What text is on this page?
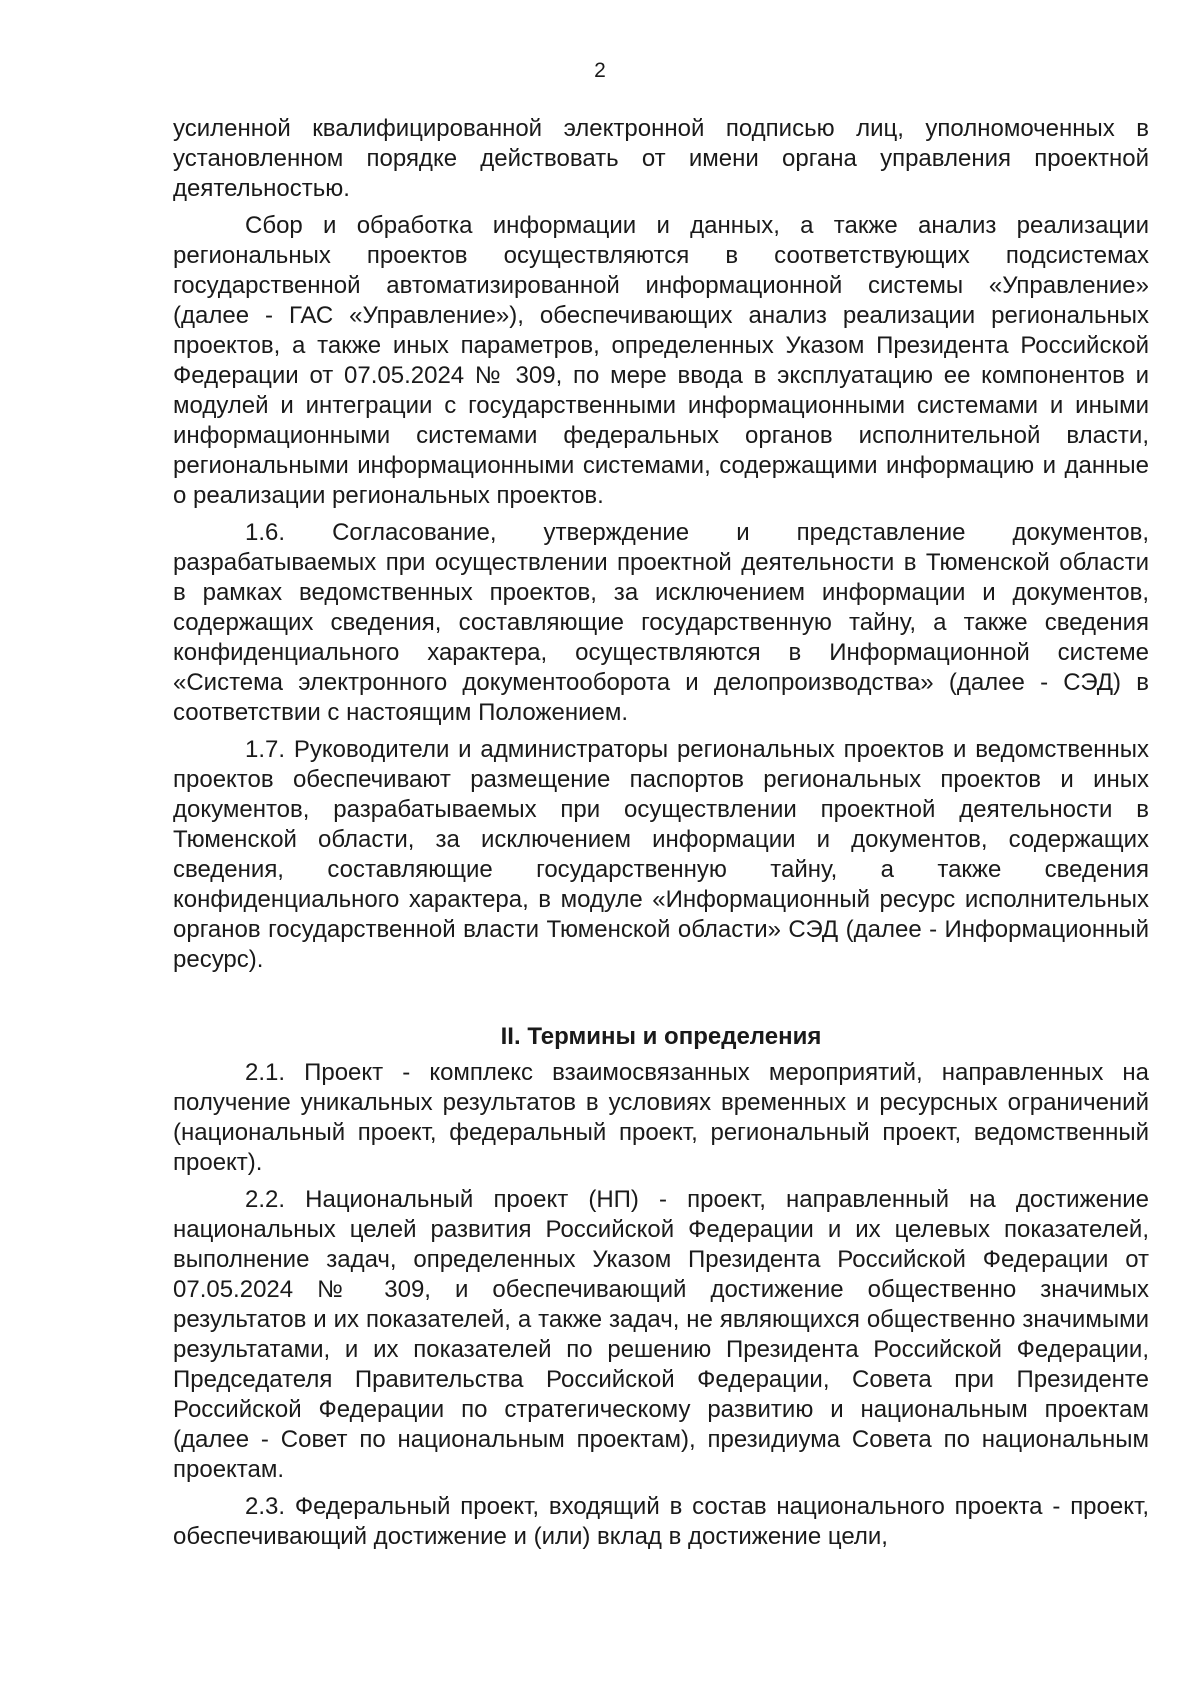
2

усиленной квалифицированной электронной подписью лиц, уполномоченных в установленном порядке действовать от имени органа управления проектной деятельностью.

Сбор и обработка информации и данных, а также анализ реализации региональных проектов осуществляются в соответствующих подсистемах государственной автоматизированной информационной системы «Управление» (далее - ГАС «Управление»), обеспечивающих анализ реализации региональных проектов, а также иных параметров, определенных Указом Президента Российской Федерации от 07.05.2024 № 309, по мере ввода в эксплуатацию ее компонентов и модулей и интеграции с государственными информационными системами и иными информационными системами федеральных органов исполнительной власти, региональными информационными системами, содержащими информацию и данные о реализации региональных проектов.

1.6. Согласование, утверждение и представление документов, разрабатываемых при осуществлении проектной деятельности в Тюменской области в рамках ведомственных проектов, за исключением информации и документов, содержащих сведения, составляющие государственную тайну, а также сведения конфиденциального характера, осуществляются в Информационной системе «Система электронного документооборота и делопроизводства» (далее - СЭД) в соответствии с настоящим Положением.

1.7. Руководители и администраторы региональных проектов и ведомственных проектов обеспечивают размещение паспортов региональных проектов и иных документов, разрабатываемых при осуществлении проектной деятельности в Тюменской области, за исключением информации и документов, содержащих сведения, составляющие государственную тайну, а также сведения конфиденциального характера, в модуле «Информационный ресурс исполнительных органов государственной власти Тюменской области» СЭД (далее - Информационный ресурс).

II. Термины и определения

2.1. Проект - комплекс взаимосвязанных мероприятий, направленных на получение уникальных результатов в условиях временных и ресурсных ограничений (национальный проект, федеральный проект, региональный проект, ведомственный проект).

2.2. Национальный проект (НП) - проект, направленный на достижение национальных целей развития Российской Федерации и их целевых показателей, выполнение задач, определенных Указом Президента Российской Федерации от 07.05.2024 № 309, и обеспечивающий достижение общественно значимых результатов и их показателей, а также задач, не являющихся общественно значимыми результатами, и их показателей по решению Президента Российской Федерации, Председателя Правительства Российской Федерации, Совета при Президенте Российской Федерации по стратегическому развитию и национальным проектам (далее - Совет по национальным проектам), президиума Совета по национальным проектам.

2.3. Федеральный проект, входящий в состав национального проекта - проект, обеспечивающий достижение и (или) вклад в достижение цели,
